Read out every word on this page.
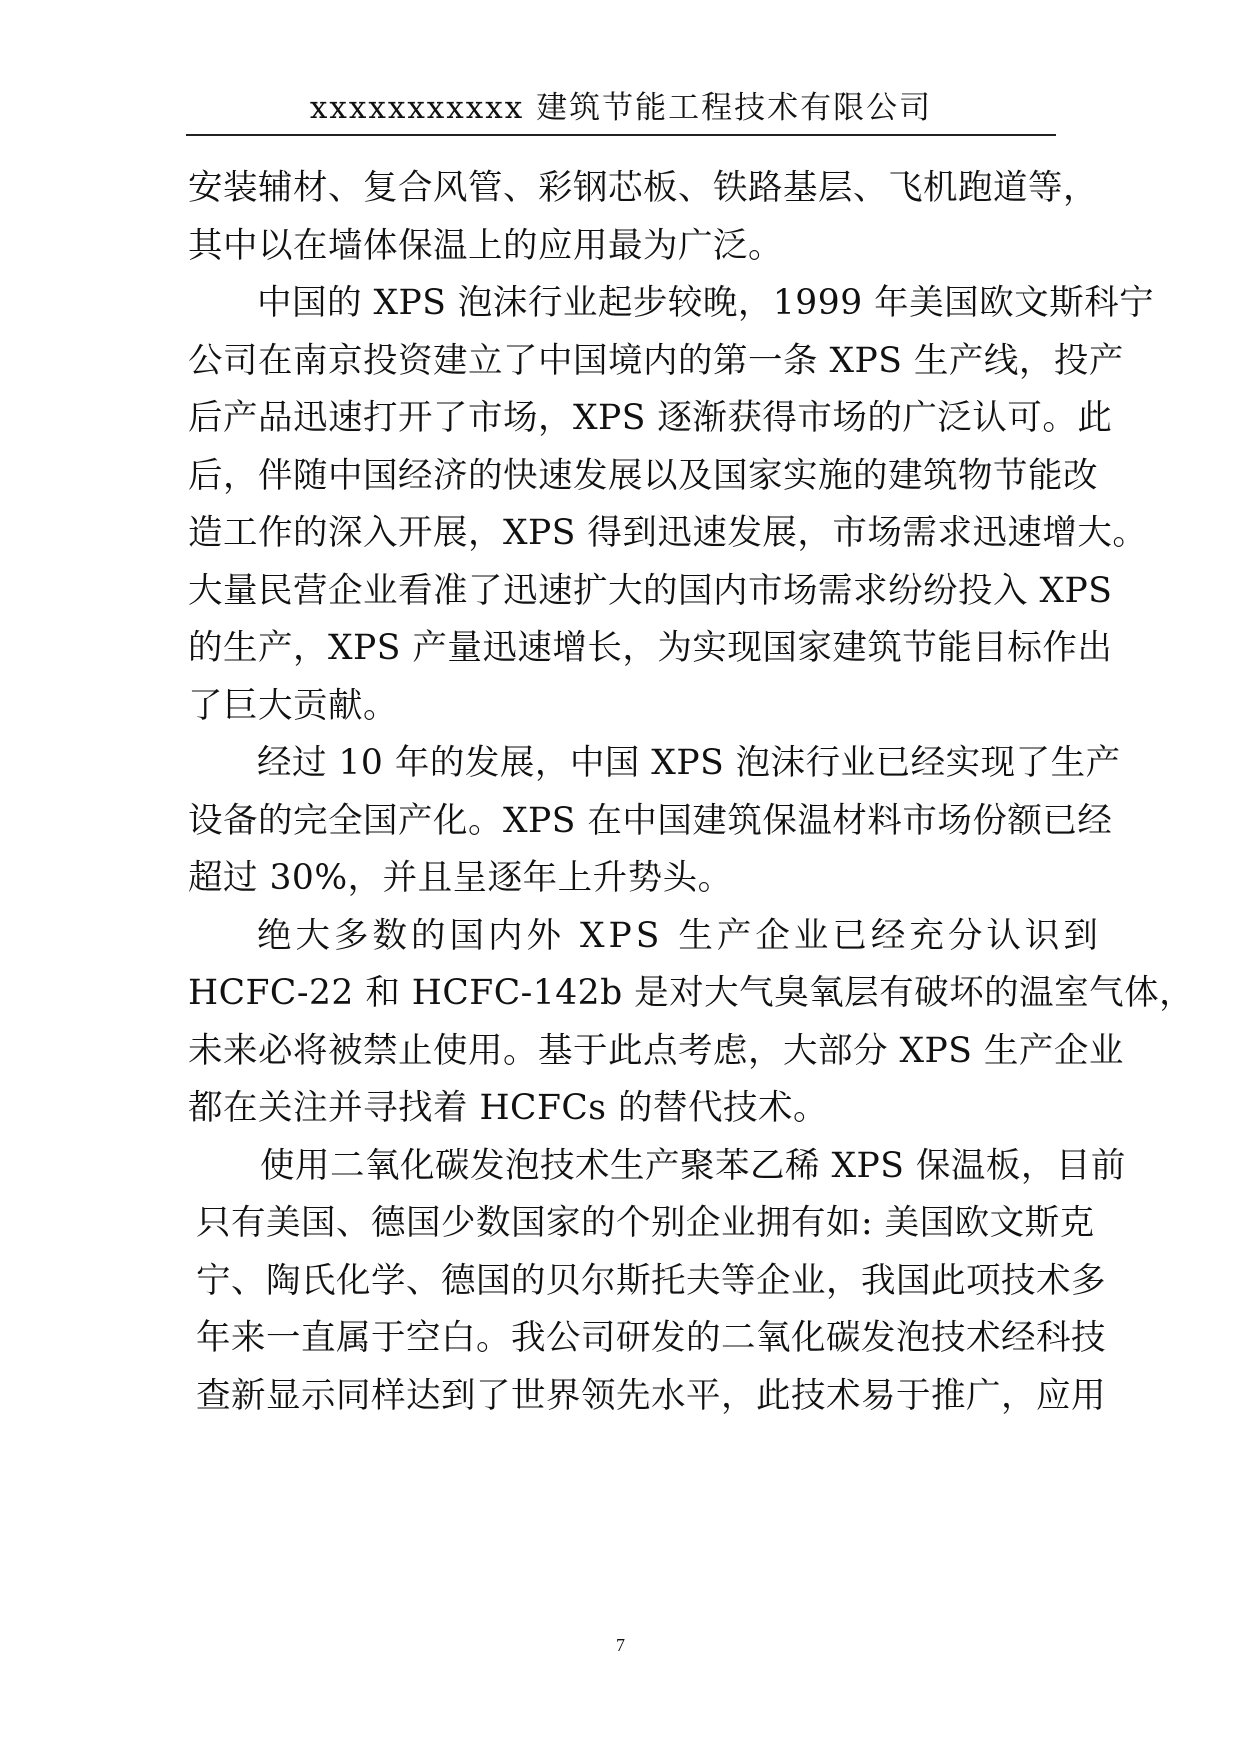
xxxxxxxxxxx 建筑节能工程技术有限公司
安装辅材、复合风管、彩钢芯板、铁路基层、飞机跑道等，
其中以在墙体保温上的应用最为广泛。
中国的 XPS 泡沫行业起步较晚，1999 年美国欧文斯科宁
公司在南京投资建立了中国境内的第一条 XPS 生产线，投产
后产品迅速打开了市场，XPS 逐渐获得市场的广泛认可。此
后，伴随中国经济的快速发展以及国家实施的建筑物节能改
造工作的深入开展，XPS 得到迅速发展，市场需求迅速增大。
大量民营企业看准了迅速扩大的国内市场需求纷纷投入 XPS
的生产，XPS 产量迅速增长，为实现国家建筑节能目标作出
了巨大贡献。
经过 10 年的发展，中国 XPS 泡沫行业已经实现了生产
设备的完全国产化。XPS 在中国建筑保温材料市场份额已经
超过 30%，并且呈逐年上升势头。
绝大多数的国内外 XPS 生产企业已经充分认识到
HCFC-22 和 HCFC-142b 是对大气臭氧层有破坏的温室气体，
未来必将被禁止使用。基于此点考虑，大部分 XPS 生产企业
都在关注并寻找着 HCFCs 的替代技术。
使用二氧化碳发泡技术生产聚苯乙稀 XPS 保温板，目前
只有美国、德国少数国家的个别企业拥有如: 美国欧文斯克
宁、陶氏化学、德国的贝尔斯托夫等企业，我国此项技术多
年来一直属于空白。我公司研发的二氧化碳发泡技术经科技
查新显示同样达到了世界领先水平，此技术易于推广，应用
7
